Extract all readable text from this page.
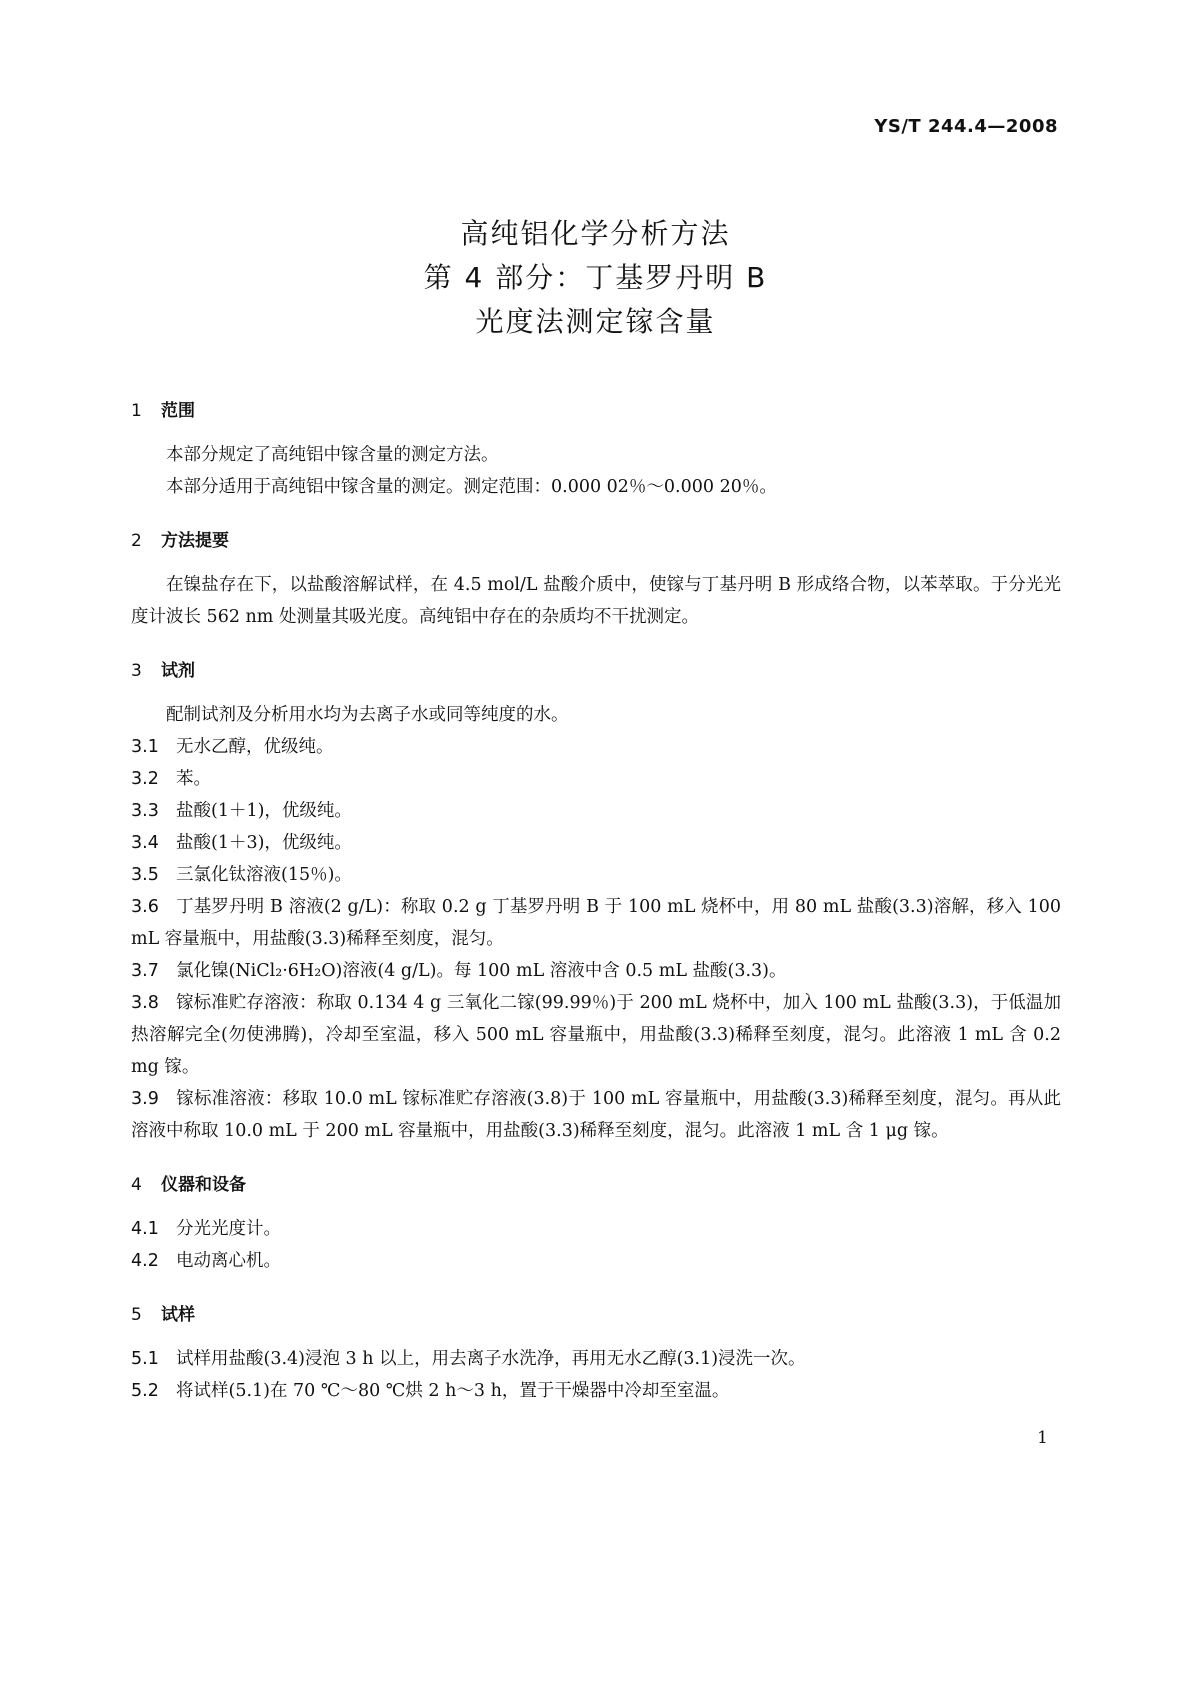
YS/T 244.4—2008
高纯铝化学分析方法
第 4 部分：丁基罗丹明 B
光度法测定镓含量
1 范围
本部分规定了高纯铝中镓含量的测定方法。
本部分适用于高纯铝中镓含量的测定。测定范围：0.000 02％～0.000 20％。
2 方法提要
在镍盐存在下，以盐酸溶解试样，在 4.5 mol/L 盐酸介质中，使镓与丁基丹明 B 形成络合物，以苯萃取。于分光光度计波长 562 nm 处测量其吸光度。高纯铝中存在的杂质均不干扰测定。
3 试剂
配制试剂及分析用水均为去离子水或同等纯度的水。
3.1 无水乙醇，优级纯。
3.2 苯。
3.3 盐酸(1＋1)，优级纯。
3.4 盐酸(1＋3)，优级纯。
3.5 三氯化钛溶液(15％)。
3.6 丁基罗丹明 B 溶液(2 g/L)：称取 0.2 g 丁基罗丹明 B 于 100 mL 烧杯中，用 80 mL 盐酸(3.3)溶解，移入 100 mL 容量瓶中，用盐酸(3.3)稀释至刻度，混匀。
3.7 氯化镍(NiCl₂·6H₂O)溶液(4 g/L)。每 100 mL 溶液中含 0.5 mL 盐酸(3.3)。
3.8 镓标准贮存溶液：称取 0.134 4 g 三氧化二镓(99.99％)于 200 mL 烧杯中，加入 100 mL 盐酸(3.3)，于低温加热溶解完全(勿使沸腾)，冷却至室温，移入 500 mL 容量瓶中，用盐酸(3.3)稀释至刻度，混匀。此溶液 1 mL 含 0.2 mg 镓。
3.9 镓标准溶液：移取 10.0 mL 镓标准贮存溶液(3.8)于 100 mL 容量瓶中，用盐酸(3.3)稀释至刻度，混匀。再从此溶液中称取 10.0 mL 于 200 mL 容量瓶中，用盐酸(3.3)稀释至刻度，混匀。此溶液 1 mL 含 1 μg 镓。
4 仪器和设备
4.1 分光光度计。
4.2 电动离心机。
5 试样
5.1 试样用盐酸(3.4)浸泡 3 h 以上，用去离子水洗净，再用无水乙醇(3.1)浸洗一次。
5.2 将试样(5.1)在 70 ℃～80 ℃烘 2 h～3 h，置于干燥器中冷却至室温。
1
